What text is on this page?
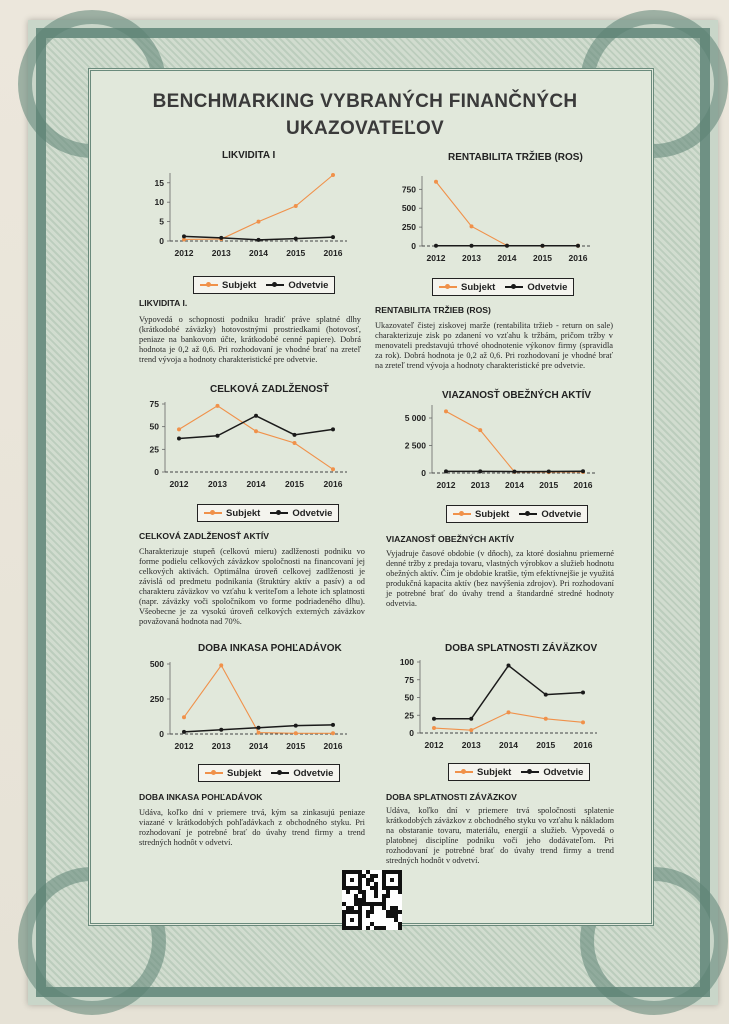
BENCHMARKING VYBRANÝCH FINANČNÝCH
UKAZOVATEĽOV
LIKVIDITA I
0
5
10
15
2012 2013 2014 2015 2016
Subjekt	Odvetvie
RENTABILITA TRŽIEB (ROS)
0
250
500
750
2012 2013 2014 2015 2016
Subjekt	Odvetvie
LIKVIDITA I.
Vypovedá o schopnosti podniku hradiť práve splatné dlhy (krátkodobé záväzky) hotovostnými prostriedkami (hotovosť, peniaze na bankovom účte, krátkodobé cenné papiere). Dobrá hodnota je 0,2 až 0,6. Pri rozhodovaní je vhodné brať na zreteľ trend vývoja a hodnoty charakteristické pre odvetvie.
RENTABILITA TRŽIEB (ROS)
Ukazovateľ čistej ziskovej marže (rentabilita tržieb - return on sale) charakterizuje zisk po zdanení vo vzťahu k tržbám, pričom tržby v menovateli predstavujú trhové ohodnotenie výkonov firmy (spravidla za rok). Dobrá hodnota je 0,2 až 0,6. Pri rozhodovaní je vhodné brať na zreteľ trend vývoja a hodnoty charakteristické pre odvetvie.
CELKOVÁ ZADLŽENOSŤ
0
25
50
75
2012 2013 2014 2015 2016
Subjekt	Odvetvie
VIAZANOSŤ OBEŽNÝCH AKTÍV
0
2 500
5 000
2012 2013 2014 2015 2016
Subjekt	Odvetvie
CELKOVÁ ZADLŽENOSŤ AKTÍV
Charakterizuje stupeň (celkovú mieru) zadlženosti podniku vo forme podielu celkových záväzkov spoločnosti na financovaní jej celkových aktivách. Optimálna úroveň celkovej zadlženosti je závislá od predmetu podnikania (štruktúry aktív a pasív) a od charakteru záväzkov vo vzťahu k veriteľom a lehote ich splatnosti (napr. záväzky voči spoločníkom vo forme podriadeného dlhu). Všeobecne je za vysokú úroveň celkových externých záväzkov považovaná hodnota nad 70%.
VIAZANOSŤ OBEŽNÝCH AKTÍV
Vyjadruje časové obdobie (v dňoch), za ktoré dosiahnu priemerné denné tržby z predaja tovaru, vlastných výrobkov a služieb hodnotu obežných aktív. Čím je obdobie kratšie, tým efektívnejšie je využitá produkčná kapacita aktív (bez navýšenia zdrojov). Pri rozhodovaní je potrebné brať do úvahy trend a štandardné stredné hodnoty odvetvia.
DOBA INKASA POHĽADÁVOK
0
250
500
2012 2013 2014 2015 2016
Subjekt	Odvetvie
DOBA SPLATNOSTI ZÁVÄZKOV
0
25
50
75
100
2012 2013 2014 2015 2016
Subjekt	Odvetvie
DOBA INKASA POHĽADÁVOK
Udáva, koľko dní v priemere trvá, kým sa zinkasujú peniaze viazané v krátkodobých pohľadávkach z obchodného styku. Pri rozhodovaní je potrebné brať do úvahy trend firmy a trend stredných hodnôt v odvetví.
DOBA SPLATNOSTI ZÁVÄZKOV
Udáva, koľko dní v priemere trvá spoločnosti splatenie krátkodobých záväzkov z obchodného styku vo vzťahu k nákladom na obstaranie tovaru, materiálu, energií a služieb. Vypovedá o platobnej disciplíne podniku voči jeho dodávateľom. Pri rozhodovaní je potrebné brať do úvahy trend firmy a trend stredných hodnôt v odvetví.
